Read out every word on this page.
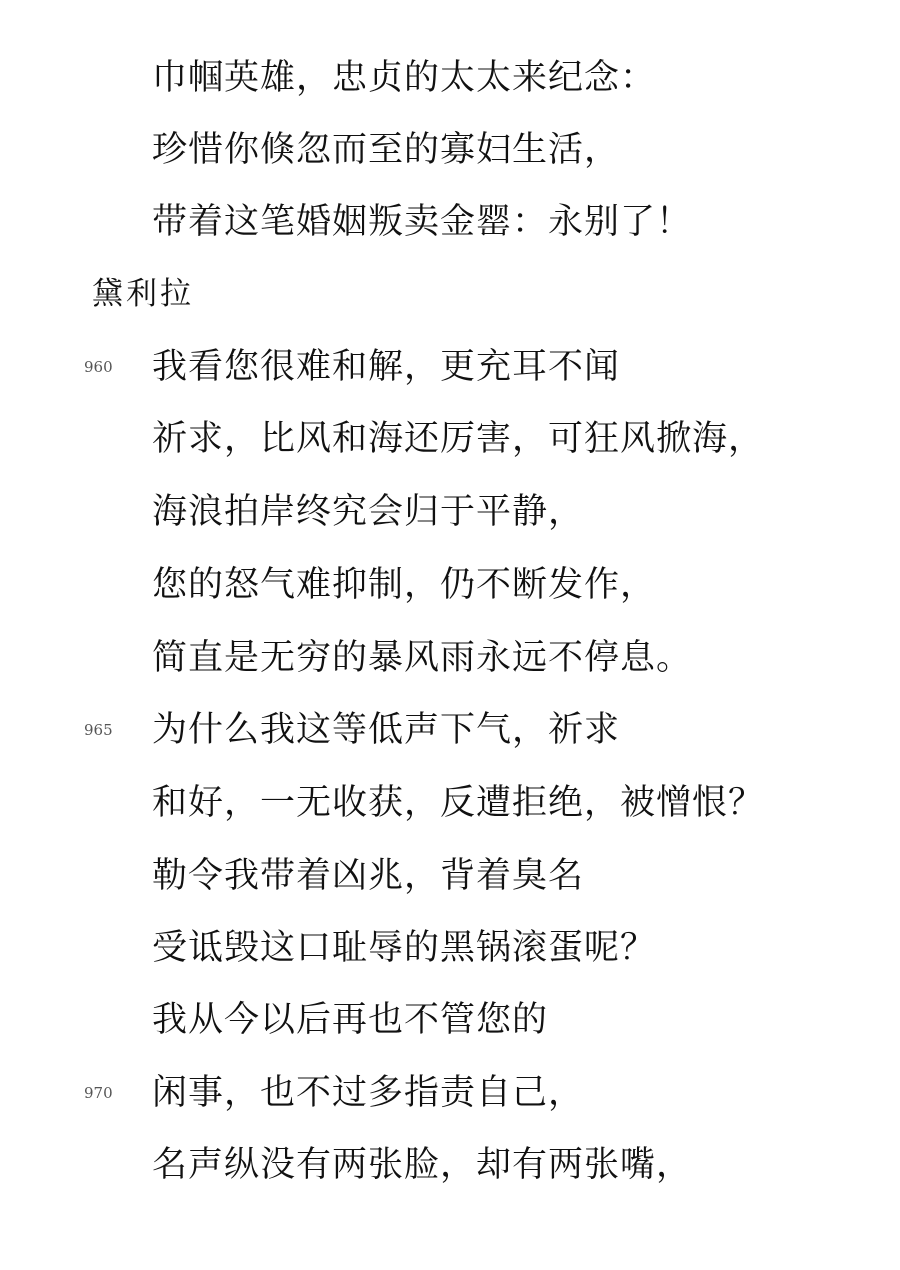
巾帼英雄，忠贞的太太来纪念：
珍惜你倏忽而至的寡妇生活，
带着这笔婚姻叛卖金罂：永别了！
黛利拉
960 我看您很难和解，更充耳不闻
祈求，比风和海还厉害，可狂风掀海，
海浪拍岸终究会归于平静，
您的怒气难抑制，仍不断发作，
简直是无穷的暴风雨永远不停息。
965 为什么我这等低声下气，祈求
和好，一无收获，反遭拒绝，被憎恨？
勒令我带着凶兆，背着臭名
受诋毁这口耻辱的黑锅滚蛋呢？
我从今以后再也不管您的
970 闲事，也不过多指责自己，
名声纵没有两张脸，却有两张嘴，
